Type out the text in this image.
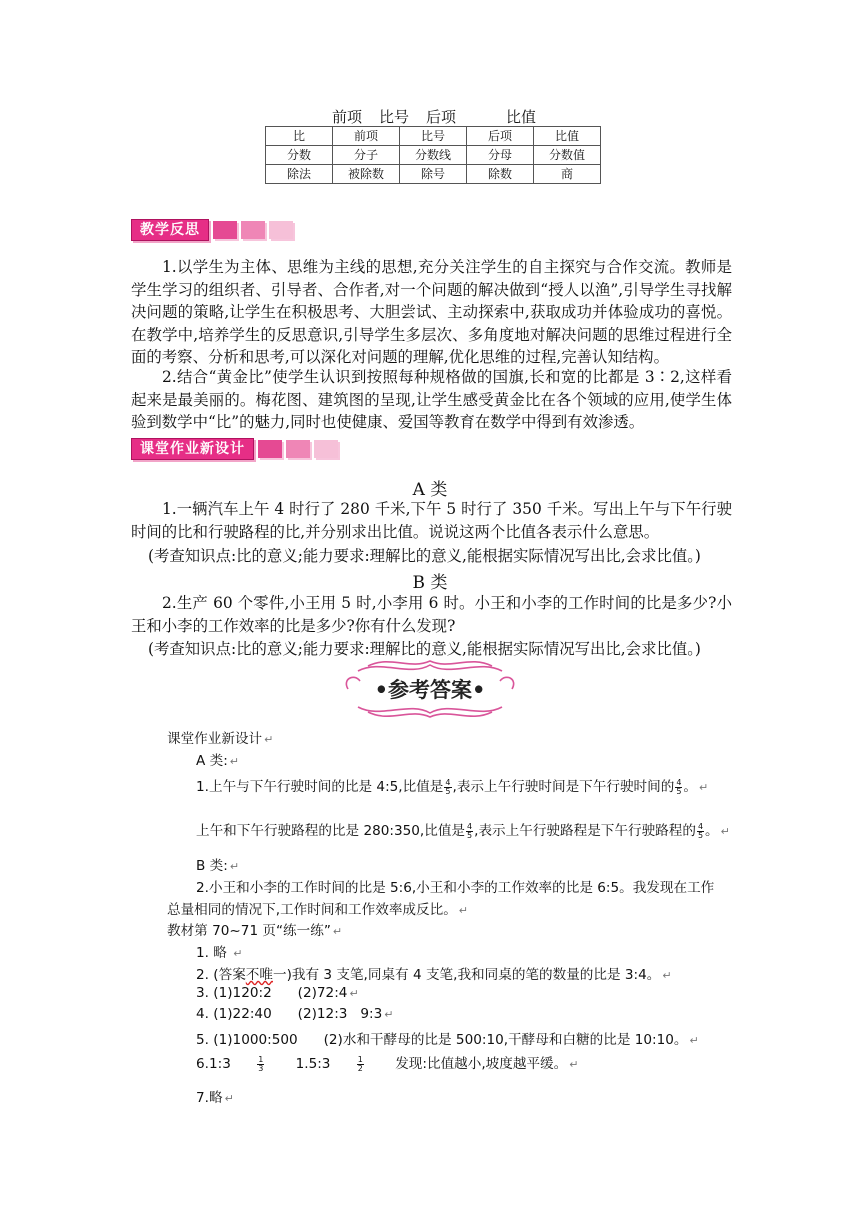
前项 比号 后项	比值
比	前项	比号	后项	比值
分数	分子	分数线	分母	分数值
除法	被除数	除号	除数	商
教学反思

1.以学生为主体、思维为主线的思想,充分关注学生的自主探究与合作交流。教师是学生学习的组织者、引导者、合作者,对一个问题的解决做到“授人以渔”,引导学生寻找解决问题的策略,让学生在积极思考、大胆尝试、主动探索中,获取成功并体验成功的喜悦。在教学中,培养学生的反思意识,引导学生多层次、多角度地对解决问题的思维过程进行全面的考察、分析和思考,可以深化对问题的理解,优化思维的过程,完善认知结构。

2.结合“黄金比”使学生认识到按照每种规格做的国旗,长和宽的比都是 3∶2,这样看起来是最美丽的。梅花图、建筑图的呈现,让学生感受黄金比在各个领域的应用,使学生体验到数学中“比”的魅力,同时也使健康、爱国等教育在数学中得到有效渗透。

课堂作业新设计
A 类

1.一辆汽车上午 4 时行了 280 千米,下午 5 时行了 350 千米。写出上午与下午行驶时间的比和行驶路程的比,并分别求出比值。说说这两个比值各表示什么意思。

(考查知识点:比的意义;能力要求:理解比的意义,能根据实际情况写出比,会求比值。)
B 类

2.生产 60 个零件,小王用 5 时,小李用 6 时。小王和小李的工作时间的比是多少?小王和小李的工作效率的比是多少?你有什么发现?

(考查知识点:比的意义;能力要求:理解比的意义,能根据实际情况写出比,会求比值。)
•参考答案•
课堂作业新设计 ↵
A 类: ↵
1.上午与下午行驶时间的比是 4:5,比值是 $\frac{4}{5}$ ,表示上午行驶时间是下午行驶时间的 $\frac{4}{5}$ 。 ↵
上午和下午行驶路程的比是 280:350,比值是 $\frac{4}{5}$ ,表示上午行驶路程是下午行驶路程的 $\frac{4}{5}$ 。 ↵
B 类: ↵
2.小王和小李的工作时间的比是 5:6,小王和小李的工作效率的比是 6:5。我发现在工作
总量相同的情况下,工作时间和工作效率成反比。 ↵
教材第 70~71 页“练一练” ↵
1. 略 ↵
2. (答案不唯一)我有 3 支笔,同桌有 4 支笔,我和同桌的笔的数量的比是 3:4。 ↵
3. (1)120:2      (2)72:4 ↵
4. (1)22:40      (2)12:3   9:3 ↵
5. (1)1000:500      (2)水和干酵母的比是 500:10,干酵母和白糖的比是 10:10。 ↵
6.1:3	$\frac{1}{3}$ 1.5:3	$\frac{1}{2}$ 发现:比值越小,坡度越平缓。 ↵
7.略 ↵
